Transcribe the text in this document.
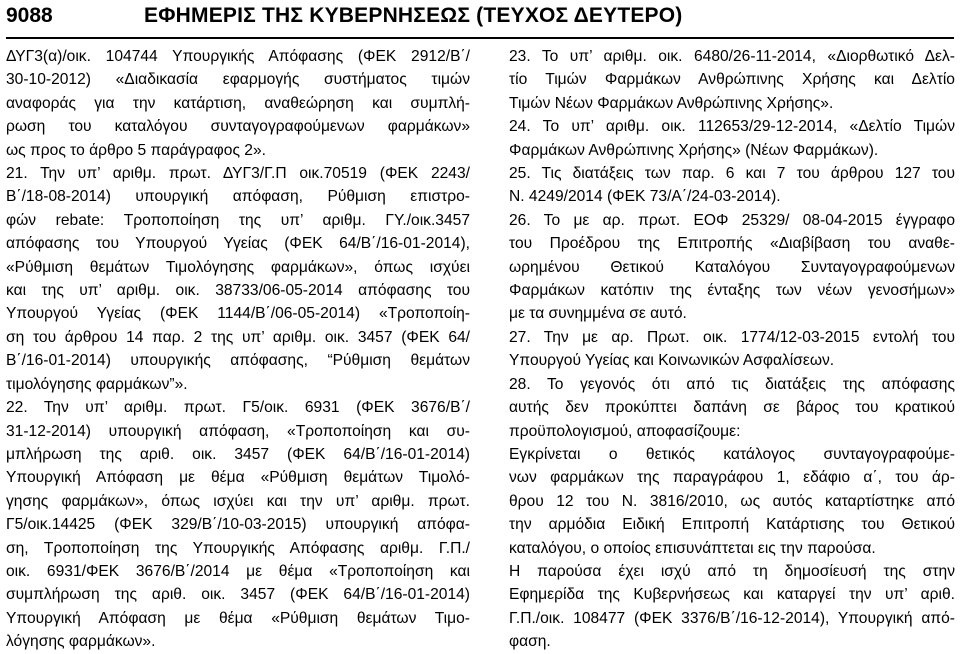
9088	ΕΦΗΜΕΡΙΣ ΤΗΣ ΚΥΒΕΡΝΗΣΕΩΣ (ΤΕΥΧΟΣ ΔΕΥΤΕΡΟ)
ΔΥΓ3(α)/οικ. 104744 Υπουργικής Απόφασης (ΦΕΚ 2912/Β΄/
30-10-2012) «Διαδικασία εφαρμογής συστήματος τιμών
αναφοράς για την κατάρτιση, αναθεώρηση και συμπλή-
ρωση του καταλόγου συνταγογραφούμενων φαρμάκων»
ως προς το άρθρο 5 παράγραφος 2».
21. Την υπ’ αριθμ. πρωτ. ΔΥΓ3/Γ.Π οικ.70519 (ΦΕΚ 2243/
Β΄/18-08-2014) υπουργική απόφαση, Ρύθμιση επιστρο-
φών rebate: Τροποποίηση της υπ’ αριθμ. ΓΥ./οικ.3457
απόφασης του Υπουργού Υγείας (ΦΕΚ 64/Β΄/16-01-2014),
«Ρύθμιση θεμάτων Τιμολόγησης φαρμάκων», όπως ισχύει
και της υπ’ αριθμ. οικ. 38733/06-05-2014 απόφασης του
Υπουργού Υγείας (ΦΕΚ 1144/Β΄/06-05-2014) «Τροποποίη-
ση του άρθρου 14 παρ. 2 της υπ’ αριθμ. οικ. 3457 (ΦΕΚ 64/
Β΄/16-01-2014) υπουργικής απόφασης, “Ρύθμιση θεμάτων
τιμολόγησης φαρμάκων”».
22. Την υπ’ αριθμ. πρωτ. Γ5/οικ. 6931 (ΦΕΚ 3676/Β΄/
31-12-2014) υπουργική απόφαση, «Τροποποίηση και συ-
μπλήρωση της αριθ. οικ. 3457 (ΦΕΚ 64/Β΄/16-01-2014)
Υπουργική Απόφαση με θέμα «Ρύθμιση θεμάτων Τιμολό-
γησης φαρμάκων», όπως ισχύει και την υπ’ αριθμ. πρωτ.
Γ5/οικ.14425 (ΦΕΚ 329/Β΄/10-03-2015) υπουργική απόφα-
ση, Τροποποίηση της Υπουργικής Απόφασης αριθμ. Γ.Π./
οικ. 6931/ΦΕΚ 3676/Β΄/2014 με θέμα «Τροποποίηση και
συμπλήρωση της αριθ. οικ. 3457 (ΦΕΚ 64/Β΄/16-01-2014)
Υπουργική Απόφαση με θέμα «Ρύθμιση θεμάτων Τιμο-
λόγησης φαρμάκων».
23. Το υπ’ αριθμ. οικ. 6480/26-11-2014, «Διορθωτικό Δελ-
τίο Τιμών Φαρμάκων Ανθρώπινης Χρήσης και Δελτίο
Τιμών Νέων Φαρμάκων Ανθρώπινης Χρήσης».
24. Το υπ’ αριθμ. οικ. 112653/29-12-2014, «Δελτίο Τιμών
Φαρμάκων Ανθρώπινης Χρήσης» (Νέων Φαρμάκων).
25. Τις διατάξεις των παρ. 6 και 7 του άρθρου 127 του
Ν. 4249/2014 (ΦΕΚ 73/Α΄/24-03-2014).
26. Το με αρ. πρωτ. ΕΟΦ 25329/ 08-04-2015 έγγραφο
του Προέδρου της Επιτροπής «Διαβίβαση του αναθε-
ωρημένου Θετικού Καταλόγου Συνταγογραφούμενων
Φαρμάκων κατόπιν της ένταξης των νέων γενοσήμων»
με τα συνημμένα σε αυτό.
27. Την με αρ. Πρωτ. οικ. 1774/12-03-2015 εντολή του
Υπουργού Υγείας και Κοινωνικών Ασφαλίσεων.
28. Το γεγονός ότι από τις διατάξεις της απόφασης
αυτής δεν προκύπτει δαπάνη σε βάρος του κρατικού
προϋπολογισμού, αποφασίζουμε:
Εγκρίνεται ο θετικός κατάλογος συνταγογραφούμε-
νων φαρμάκων της παραγράφου 1, εδάφιο α΄, του άρ-
θρου 12 του Ν. 3816/2010, ως αυτός καταρτίστηκε από
την αρμόδια Ειδική Επιτροπή Κατάρτισης του Θετικού
καταλόγου, ο οποίος επισυνάπτεται εις την παρούσα.
Η παρούσα έχει ισχύ από τη δημοσίευσή της στην
Εφημερίδα της Κυβερνήσεως και καταργεί την υπ’ αριθ.
Γ.Π./οικ. 108477 (ΦΕΚ 3376/Β΄/16-12-2014), Υπουργική από-
φαση.
